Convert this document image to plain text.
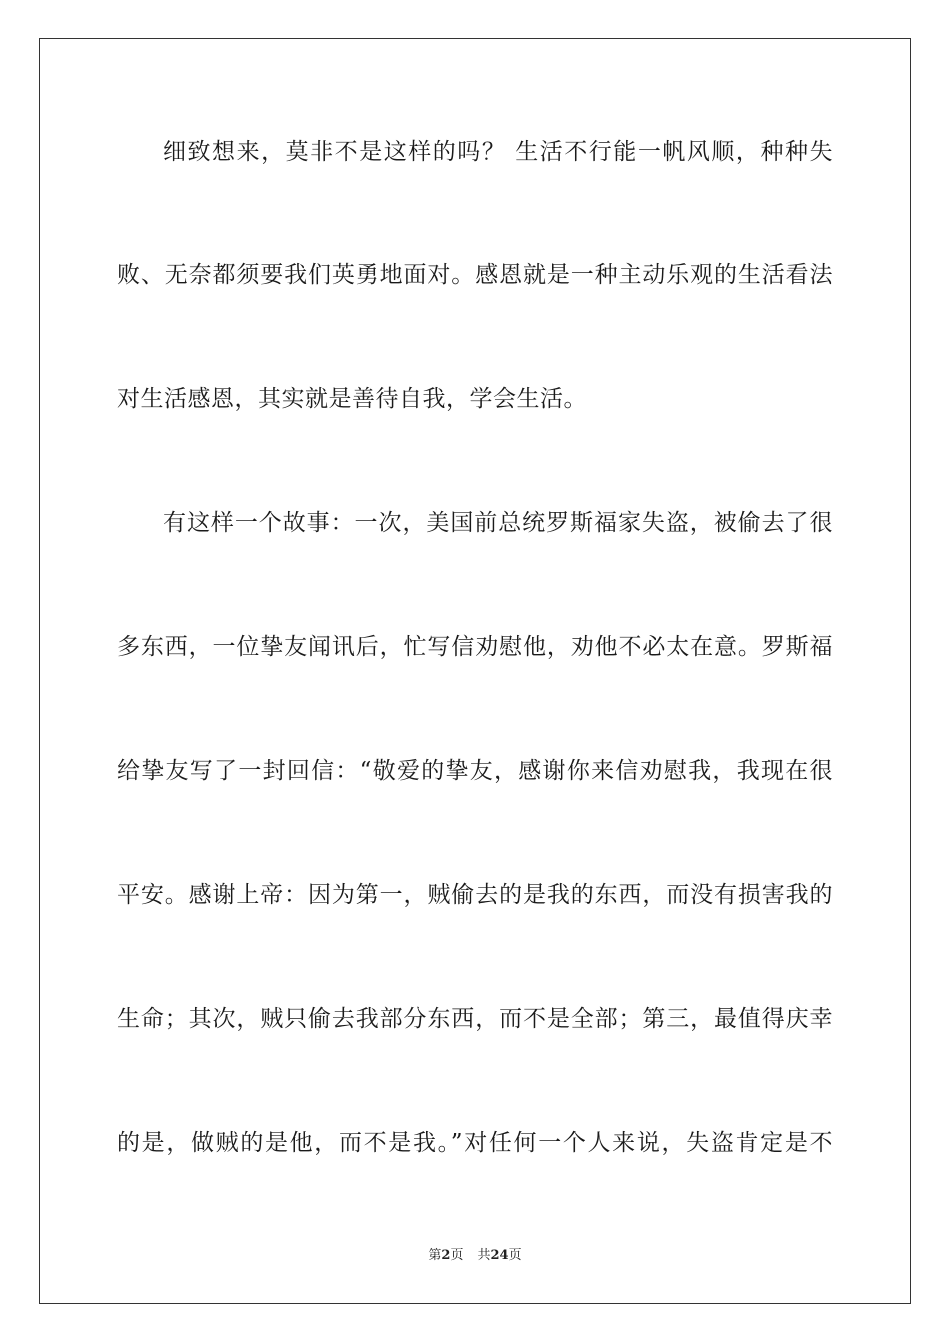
细致想来，莫非不是这样的吗？ 生活不行能一帆风顺，种种失
败、无奈都须要我们英勇地面对。感恩就是一种主动乐观的生活看法
对生活感恩，其实就是善待自我，学会生活。
有这样一个故事：一次，美国前总统罗斯福家失盗，被偷去了很
多东西，一位挚友闻讯后，忙写信劝慰他，劝他不必太在意。罗斯福
给挚友写了一封回信：“敬爱的挚友，感谢你来信劝慰我，我现在很
平安。感谢上帝：因为第一，贼偷去的是我的东西，而没有损害我的
生命；其次，贼只偷去我部分东西，而不是全部；第三，最值得庆幸
的是，做贼的是他，而不是我。”对任何一个人来说，失盗肯定是不
第2页 共24页
